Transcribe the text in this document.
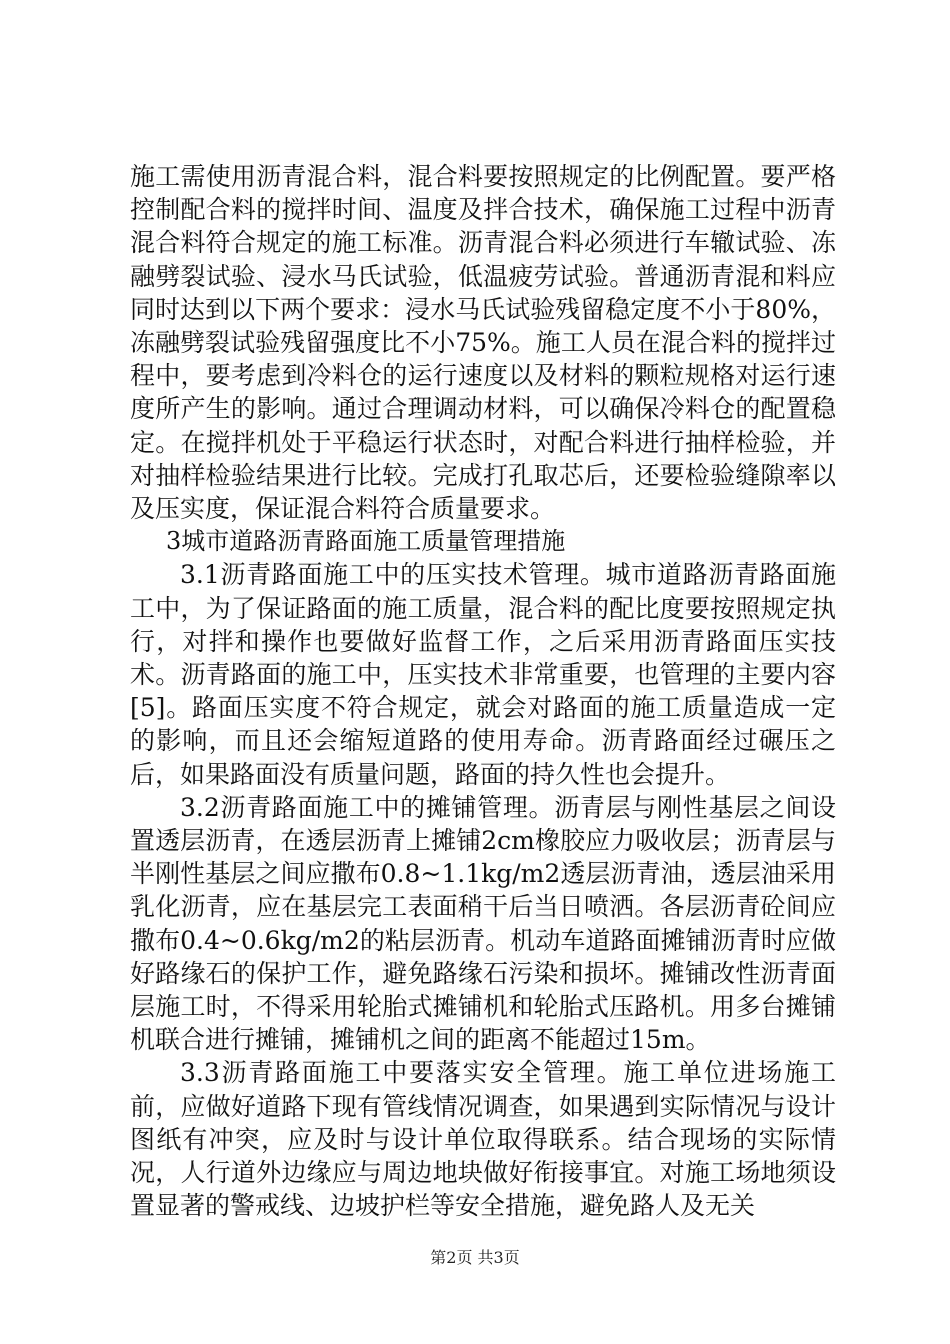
施工需使用沥青混合料，混合料要按照规定的比例配置。要严格控制配合料的搅拌时间、温度及拌合技术，确保施工过程中沥青混合料符合规定的施工标准。沥青混合料必须进行车辙试验、冻融劈裂试验、浸水马氏试验，低温疲劳试验。普通沥青混和料应同时达到以下两个要求：浸水马氏试验残留稳定度不小于80%，冻融劈裂试验残留强度比不小75%。施工人员在混合料的搅拌过程中，要考虑到冷料仓的运行速度以及材料的颗粒规格对运行速度所产生的影响。通过合理调动材料，可以确保冷料仓的配置稳定。在搅拌机处于平稳运行状态时，对配合料进行抽样检验，并对抽样检验结果进行比较。完成打孔取芯后，还要检验缝隙率以及压实度，保证混合料符合质量要求。

3城市道路沥青路面施工质量管理措施

3.1沥青路面施工中的压实技术管理。城市道路沥青路面施工中，为了保证路面的施工质量，混合料的配比度要按照规定执行，对拌和操作也要做好监督工作，之后采用沥青路面压实技术。沥青路面的施工中，压实技术非常重要，也管理的主要内容[5]。路面压实度不符合规定，就会对路面的施工质量造成一定的影响，而且还会缩短道路的使用寿命。沥青路面经过碾压之后，如果路面没有质量问题，路面的持久性也会提升。

3.2沥青路面施工中的摊铺管理。沥青层与刚性基层之间设置透层沥青，在透层沥青上摊铺2cm橡胶应力吸收层；沥青层与半刚性基层之间应撒布0.8~1.1kg/m2透层沥青油，透层油采用乳化沥青，应在基层完工表面稍干后当日喷洒。各层沥青砼间应撒布0.4~0.6kg/m2的粘层沥青。机动车道路面摊铺沥青时应做好路缘石的保护工作，避免路缘石污染和损坏。摊铺改性沥青面层施工时，不得采用轮胎式摊铺机和轮胎式压路机。用多台摊铺机联合进行摊铺，摊铺机之间的距离不能超过15m。

3.3沥青路面施工中要落实安全管理。施工单位进场施工前，应做好道路下现有管线情况调查，如果遇到实际情况与设计图纸有冲突，应及时与设计单位取得联系。结合现场的实际情况，人行道外边缘应与周边地块做好衔接事宜。对施工场地须设置显著的警戒线、边坡护栏等安全措施，避免路人及无关

第2页 共3页
